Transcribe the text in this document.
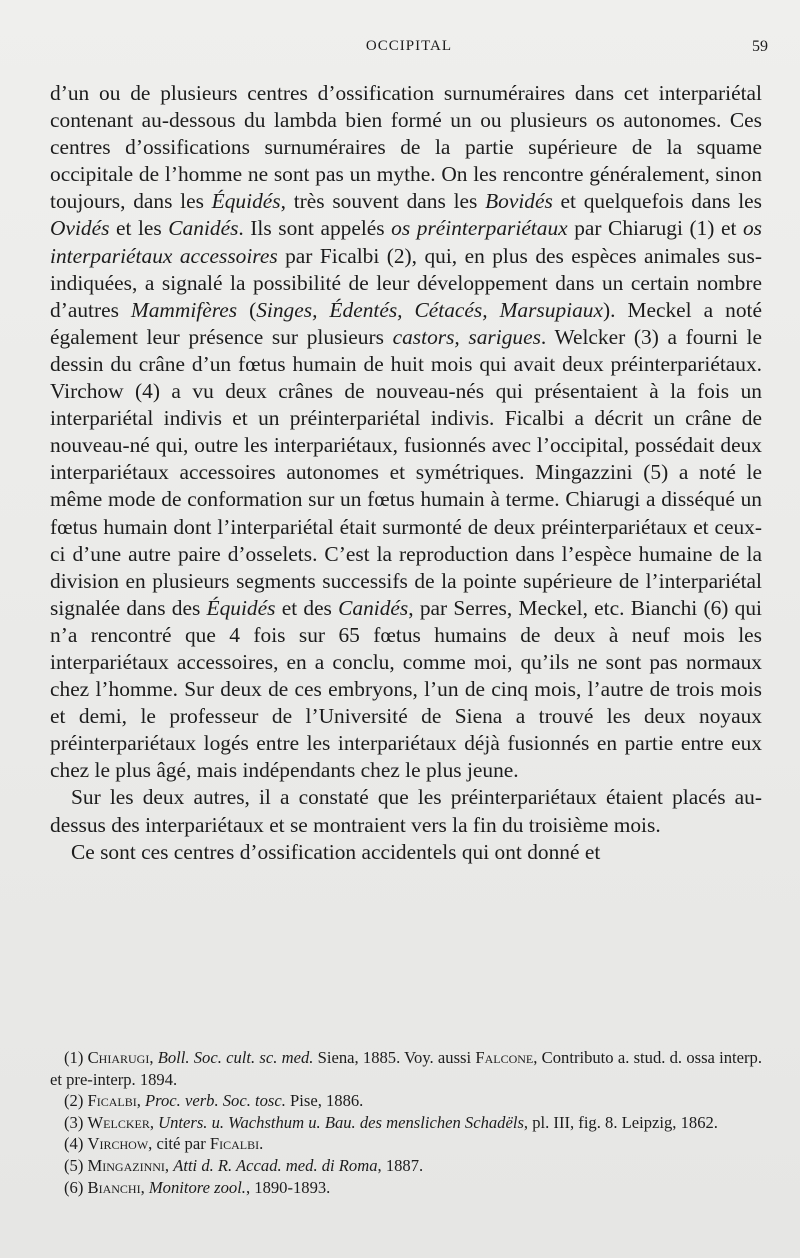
OCCIPITAL	59

d’un ou de plusieurs centres d’ossification surnuméraires dans cet interpariétal contenant au-dessous du lambda bien formé un ou plusieurs os autonomes. Ces centres d’ossifications surnuméraires de la partie supérieure de la squame occipitale de l’homme ne sont pas un mythe. On les rencontre généralement, sinon toujours, dans les Équidés, très souvent dans les Bovidés et quelquefois dans les Ovidés et les Canidés. Ils sont appelés os préinterpariétaux par Chiarugi (1) et os interpariétaux accessoires par Ficalbi (2), qui, en plus des espèces animales sus-indiquées, a signalé la possibilité de leur développement dans un certain nombre d’autres Mammifères (Singes, Édentés, Cétacés, Marsupiaux). Meckel a noté également leur présence sur plusieurs castors, sarigues. Welcker (3) a fourni le dessin du crâne d’un fœtus humain de huit mois qui avait deux préinterpariétaux. Virchow (4) a vu deux crânes de nouveau-nés qui présentaient à la fois un interpariétal indivis et un préinterpariétal indivis. Ficalbi a décrit un crâne de nouveau-né qui, outre les interpariétaux, fusionnés avec l’occipital, possédait deux interpariétaux accessoires autonomes et symétriques. Mingazzini (5) a noté le même mode de conformation sur un fœtus humain à terme. Chiarugi a disséqué un fœtus humain dont l’interpariétal était surmonté de deux préinterpariétaux et ceux-ci d’une autre paire d’osselets. C’est la reproduction dans l’espèce humaine de la division en plusieurs segments successifs de la pointe supérieure de l’interpariétal signalée dans des Équidés et des Canidés, par Serres, Meckel, etc. Bianchi (6) qui n’a rencontré que 4 fois sur 65 fœtus humains de deux à neuf mois les interpariétaux accessoires, en a conclu, comme moi, qu’ils ne sont pas normaux chez l’homme. Sur deux de ces embryons, l’un de cinq mois, l’autre de trois mois et demi, le professeur de l’Université de Siena a trouvé les deux noyaux préinterpariétaux logés entre les interpariétaux déjà fusionnés en partie entre eux chez le plus âgé, mais indépendants chez le plus jeune.

Sur les deux autres, il a constaté que les préinterpariétaux étaient placés au-dessus des interpariétaux et se montraient vers la fin du troisième mois.

Ce sont ces centres d’ossification accidentels qui ont donné et

(1) Chiarugi, Boll. Soc. cult. sc. med. Siena, 1885. Voy. aussi Falcone, Contributo a. stud. d. ossa interp. et pre-interp. 1894.

(2) Ficalbi, Proc. verb. Soc. tosc. Pise, 1886.

(3) Welcker, Unters. u. Wachsthum u. Bau. des menslichen Schadëls, pl. III, fig. 8. Leipzig, 1862.

(4) Virchow, cité par Ficalbi.

(5) Mingazinni, Atti d. R. Accad. med. di Roma, 1887.

(6) Bianchi, Monitore zool., 1890-1893.
